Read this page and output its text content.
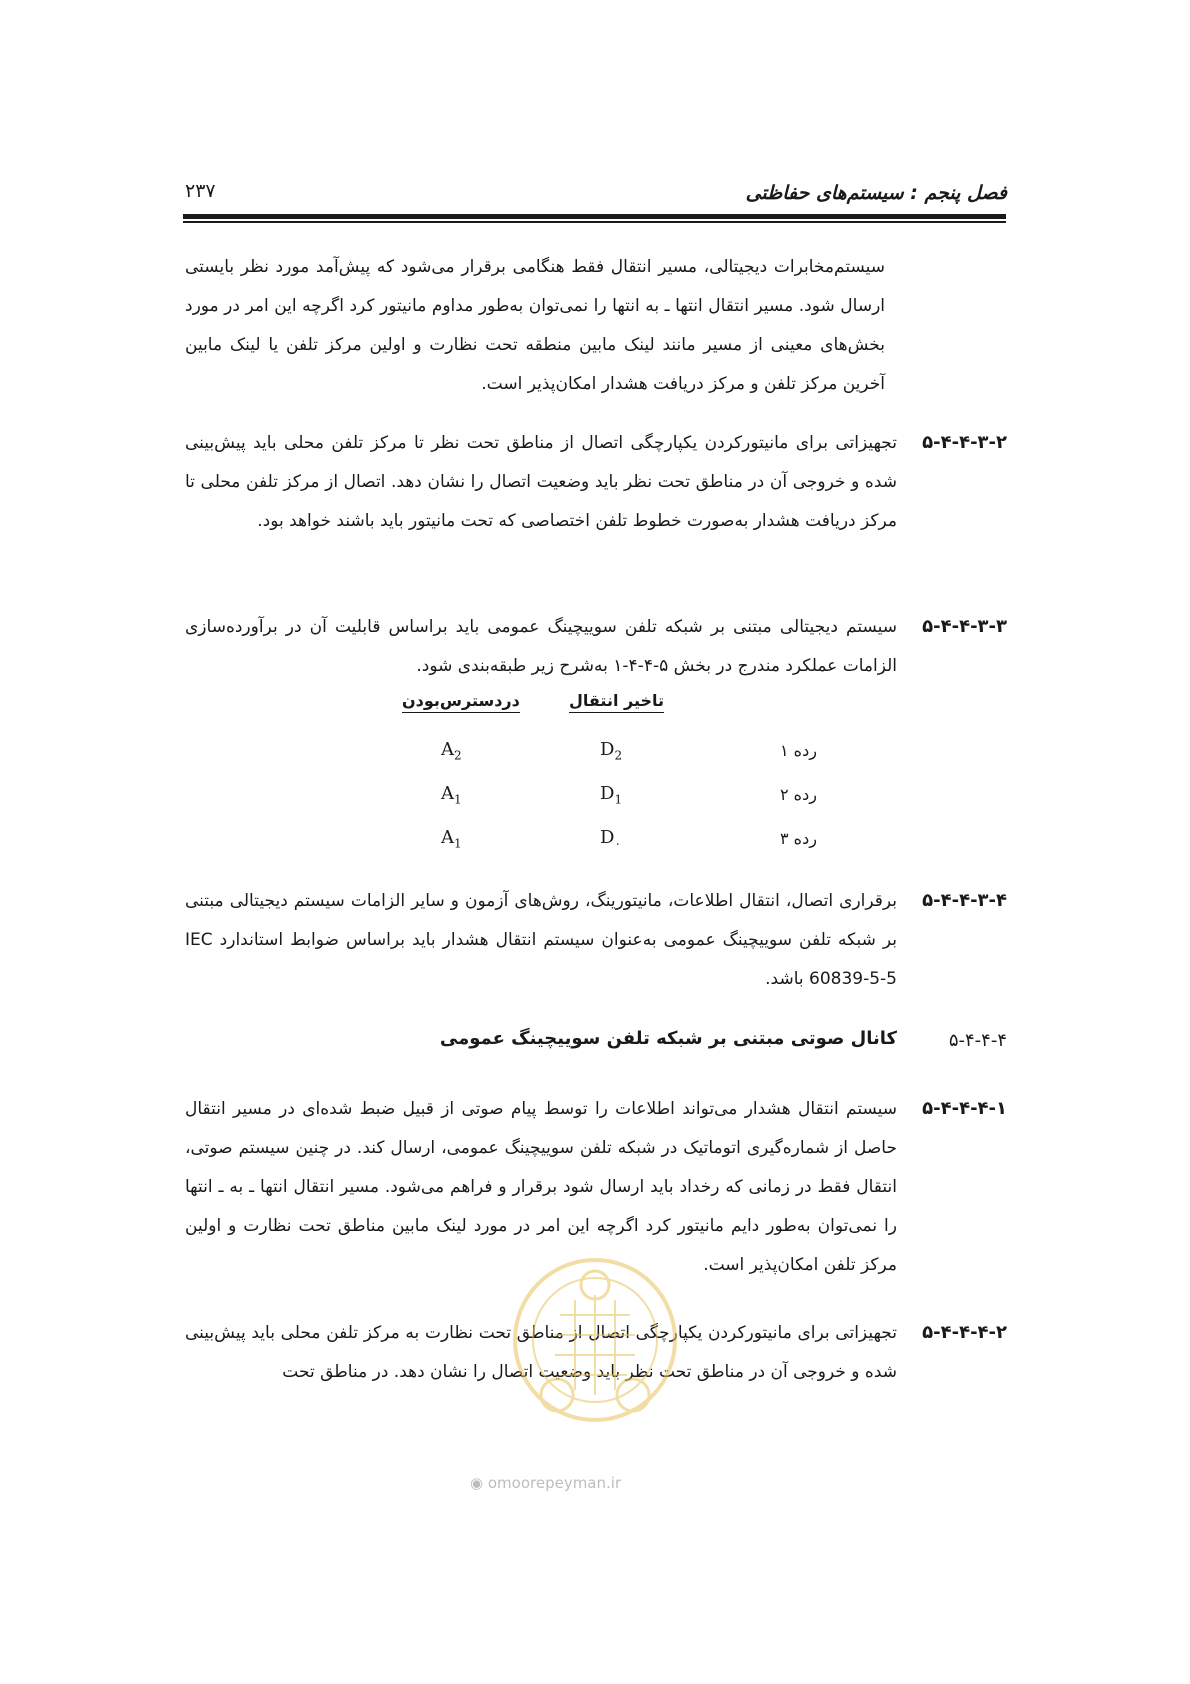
فصل پنجم : سیستم‌های حفاظتی
۲۳۷
سیستم‌مخابرات دیجیتالی، مسیر انتقال فقط هنگامی برقرار می‌شود که پیش‌آمد مورد نظر بایستی ارسال شود. مسیر انتقال انتها ـ به انتها را نمی‌توان به‌طور مداوم مانیتور کرد اگرچه این امر در مورد بخش‌های معینی از مسیر مانند لینک مابین منطقه تحت نظارت و اولین مرکز تلفن یا لینک مابین آخرین مرکز تلفن و مرکز دریافت هشدار امکان‌پذیر است.
۵-۴-۴-۳-۲
تجهیزاتی برای مانیتورکردن یکپارچگی اتصال از مناطق تحت نظر تا مرکز تلفن محلی باید پیش‌بینی شده و خروجی آن در مناطق تحت نظر باید وضعیت اتصال را نشان دهد. اتصال از مرکز تلفن محلی تا مرکز دریافت هشدار به‌صورت خطوط تلفن اختصاصی که تحت مانیتور باید باشند خواهد بود.
۵-۴-۴-۳-۳
سیستم دیجیتالی مبتنی بر شبکه تلفن سوییچینگ عمومی باید براساس قابلیت آن در برآورده‌سازی الزامات عملکرد مندرج در بخش ۵-۴-۴-۱ به‌شرح زیر طبقه‌بندی شود.
تاخیر انتقال
دردسترس‌بودن
رده ۱
$D_2$
$A_2$
رده ۲
$D_1$
$A_1$
رده ۳
$D_۰$
$A_1$
۵-۴-۴-۳-۴
برقراری اتصال، انتقال اطلاعات، مانیتورینگ، روش‌های آزمون و سایر الزامات سیستم دیجیتالی مبتنی بر شبکه تلفن سوییچینگ عمومی به‌عنوان سیستم انتقال هشدار باید براساس ضوابط استاندارد IEC 60839-5-5 باشد.
۵-۴-۴-۴
کانال صوتی مبتنی بر شبکه تلفن سوییچینگ عمومی
۵-۴-۴-۴-۱
سیستم انتقال هشدار می‌تواند اطلاعات را توسط پیام صوتی از قبیل ضبط شده‌ای در مسیر انتقال حاصل از شماره‌گیری اتوماتیک در شبکه تلفن سوییچینگ عمومی، ارسال کند. در چنین سیستم صوتی، انتقال فقط در زمانی که رخداد باید ارسال شود برقرار و فراهم می‌شود. مسیر انتقال انتها ـ به ـ انتها را نمی‌توان به‌طور دایم مانیتور کرد اگرچه این امر در مورد لینک مابین مناطق تحت نظارت و اولین مرکز تلفن امکان‌پذیر است.
۵-۴-۴-۴-۲
تجهیزاتی برای مانیتورکردن یکپارچگی اتصال از مناطق تحت نظارت به مرکز تلفن محلی باید پیش‌بینی شده و خروجی آن در مناطق تحت نظر باید وضعیت اتصال را نشان دهد. در مناطق تحت
◉ omoorepeyman.ir
